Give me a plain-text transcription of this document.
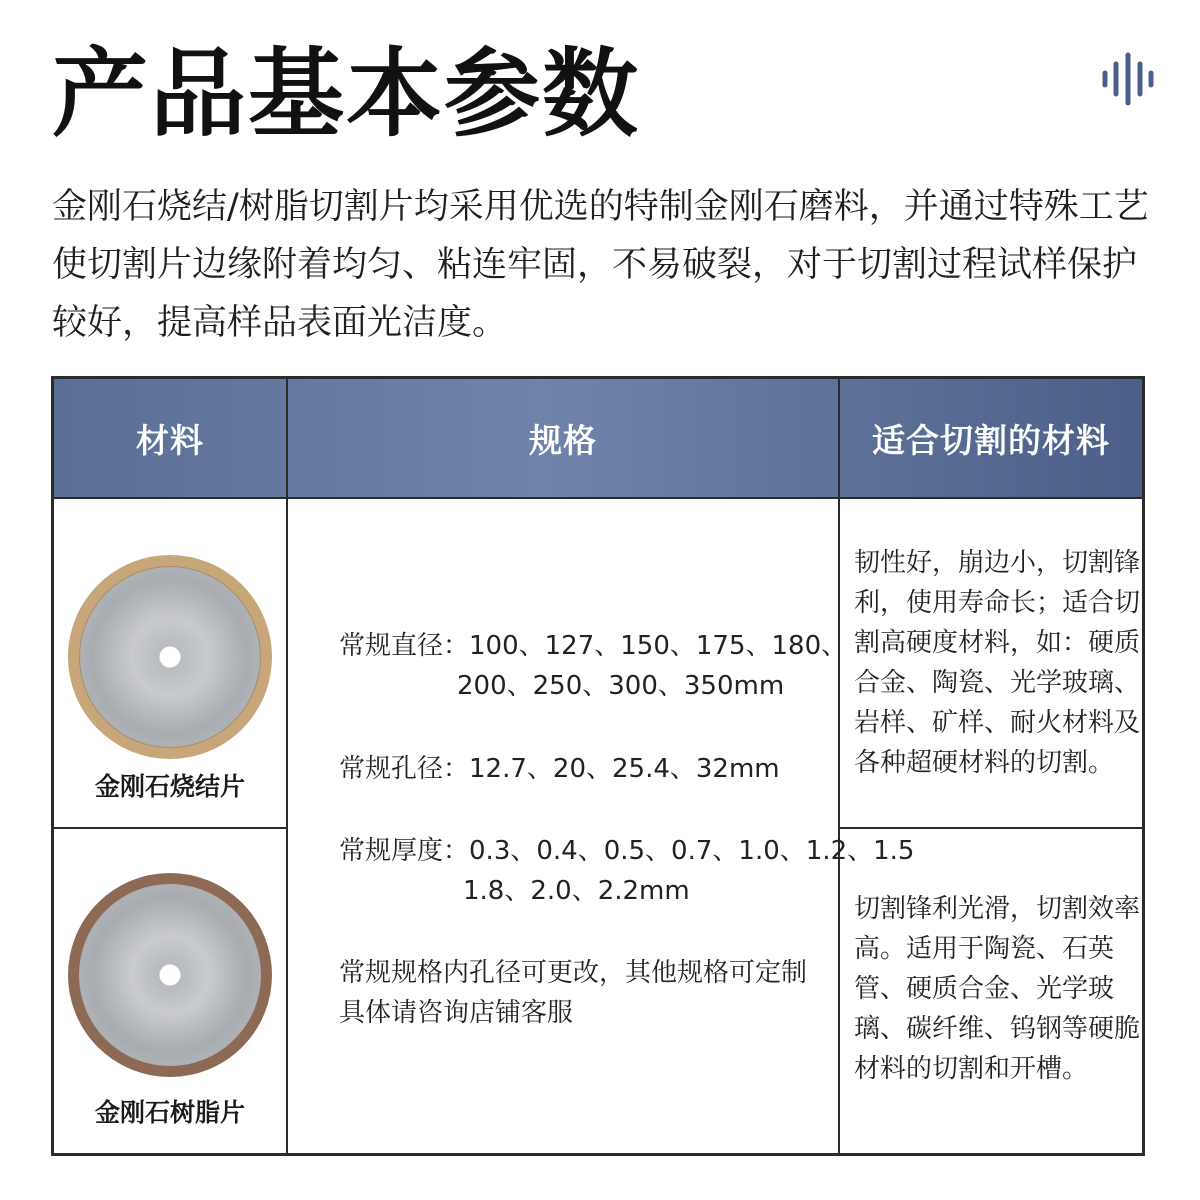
产品基本参数

金刚石烧结/树脂切割片均采用优选的特制金刚石磨料，并通过特殊工艺使切割片边缘附着均匀、粘连牢固，不易破裂，对于切割过程试样保护较好，提高样品表面光洁度。

材料	规格	适合切割的材料
金刚石烧结片
金刚石树脂片
常规直径：100、127、150、175、180、
200、250、300、350mm
常规孔径：12.7、20、25.4、32mm
常规厚度：0.3、0.4、0.5、0.7、1.0、1.2、1.5
1.8、2.0、2.2mm
常规规格内孔径可更改，其他规格可定制
具体请咨询店铺客服
韧性好，崩边小，切割锋利，使用寿命长；适合切割高硬度材料，如：硬质合金、陶瓷、光学玻璃、岩样、矿样、耐火材料及各种超硬材料的切割。
切割锋利光滑，切割效率高。适用于陶瓷、石英管、硬质合金、光学玻璃、碳纤维、钨钢等硬脆材料的切割和开槽。
